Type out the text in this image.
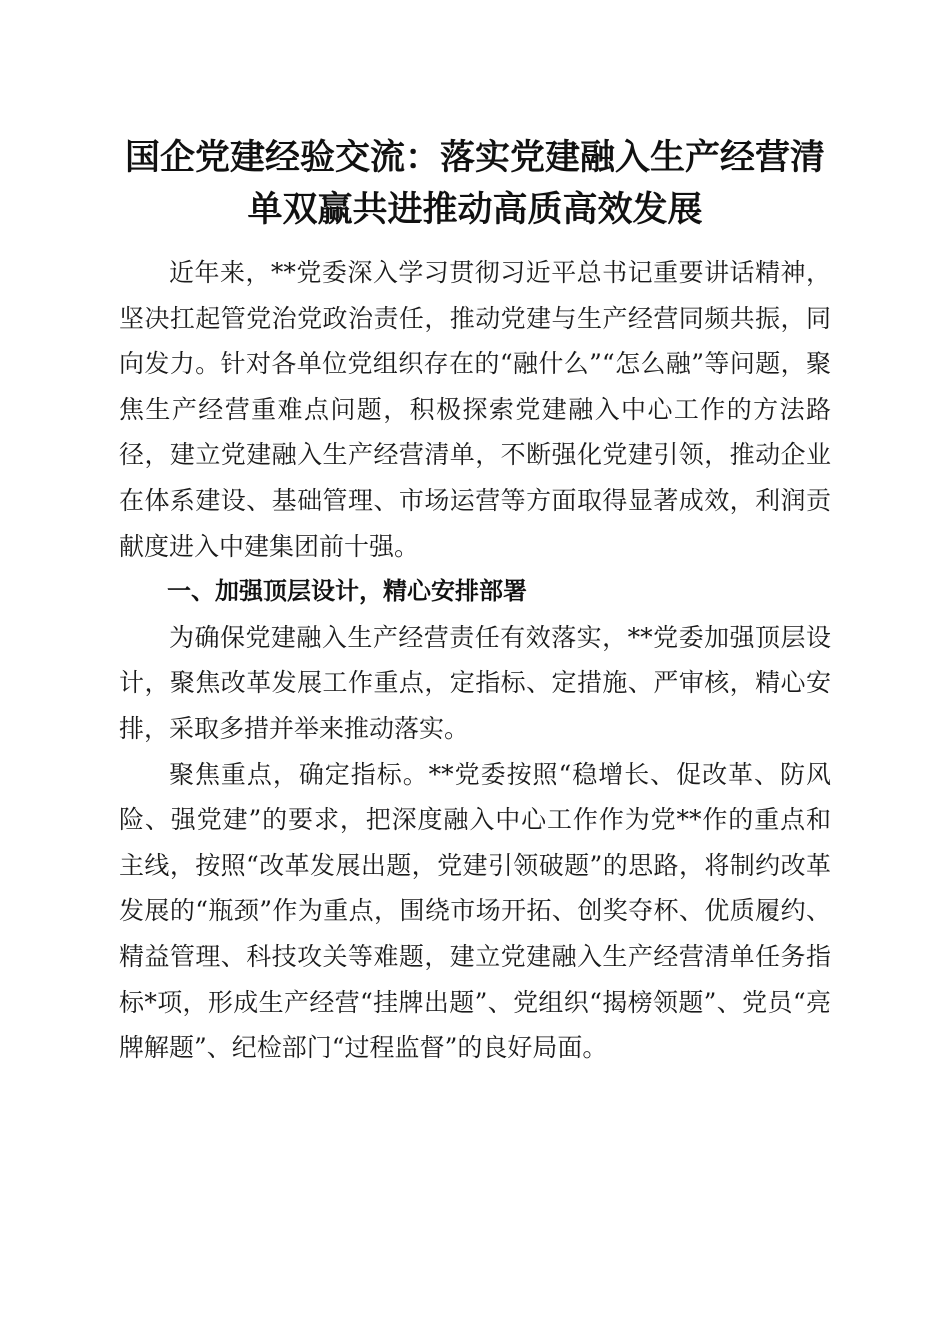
国企党建经验交流：落实党建融入生产经营清
单双赢共进推动高质高效发展

近年来，**党委深入学习贯彻习近平总书记重要讲话精神，坚决扛起管党治党政治责任，推动党建与生产经营同频共振，同向发力。针对各单位党组织存在的“融什么”“怎么融”等问题，聚焦生产经营重难点问题，积极探索党建融入中心工作的方法路径，建立党建融入生产经营清单，不断强化党建引领，推动企业在体系建设、基础管理、市场运营等方面取得显著成效，利润贡献度进入中建集团前十强。

一、加强顶层设计，精心安排部署

为确保党建融入生产经营责任有效落实，**党委加强顶层设计，聚焦改革发展工作重点，定指标、定措施、严审核，精心安排，采取多措并举来推动落实。

聚焦重点，确定指标。**党委按照“稳增长、促改革、防风险、强党建”的要求，把深度融入中心工作作为党**作的重点和主线，按照“改革发展出题，党建引领破题”的思路，将制约改革发展的“瓶颈”作为重点，围绕市场开拓、创奖夺杯、优质履约、精益管理、科技攻关等难题，建立党建融入生产经营清单任务指标*项，形成生产经营“挂牌出题”、党组织“揭榜领题”、党员“亮牌解题”、纪检部门“过程监督”的良好局面。
